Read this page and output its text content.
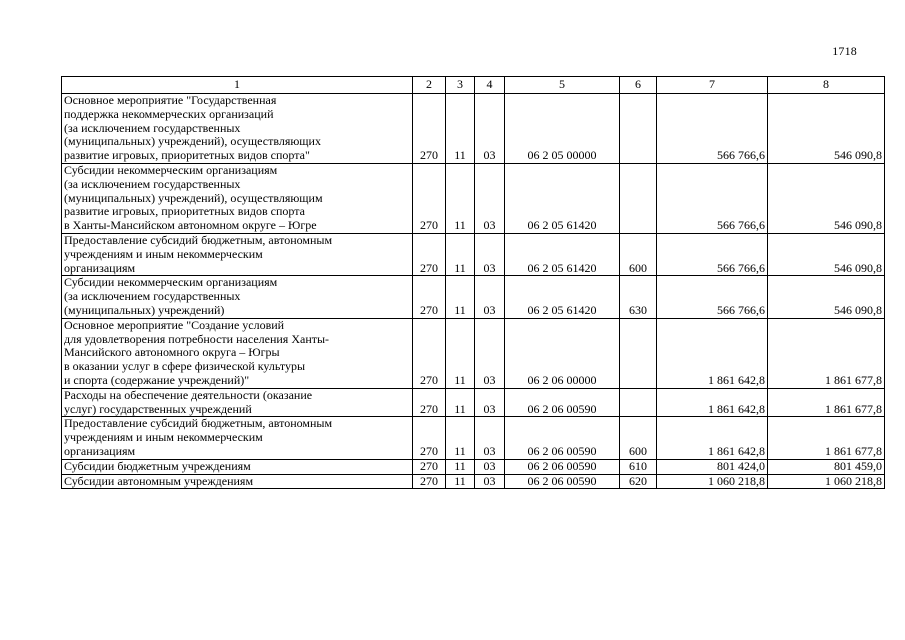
1718
1	2	3	4	5	6	7	8

Основное мероприятие "Государственная
поддержка некоммерческих организаций
(за исключением государственных
(муниципальных) учреждений), осуществляющих
развитие игровых, приоритетных видов спорта"	270	11	03	06 2 05 00000		566 766,6	546 090,8

Субсидии некоммерческим организациям
(за исключением государственных
(муниципальных) учреждений), осуществляющим
развитие игровых, приоритетных видов спорта
в Ханты-Мансийском автономном округе – Югре	270	11	03	06 2 05 61420		566 766,6	546 090,8

Предоставление субсидий бюджетным, автономным
учреждениям и иным некоммерческим
организациям	270	11	03	06 2 05 61420	600	566 766,6	546 090,8

Субсидии некоммерческим организациям
(за исключением государственных
(муниципальных) учреждений)	270	11	03	06 2 05 61420	630	566 766,6	546 090,8

Основное мероприятие "Создание условий
для удовлетворения потребности населения Ханты-
Мансийского автономного округа – Югры
в оказании услуг в сфере физической культуры
и спорта (содержание учреждений)"	270	11	03	06 2 06 00000		1 861 642,8	1 861 677,8

Расходы на обеспечение деятельности (оказание
услуг) государственных учреждений	270	11	03	06 2 06 00590		1 861 642,8	1 861 677,8

Предоставление субсидий бюджетным, автономным
учреждениям и иным некоммерческим
организациям	270	11	03	06 2 06 00590	600	1 861 642,8	1 861 677,8

Субсидии бюджетным учреждениям	270	11	03	06 2 06 00590	610	801 424,0	801 459,0

Субсидии автономным учреждениям	270	11	03	06 2 06 00590	620	1 060 218,8	1 060 218,8
